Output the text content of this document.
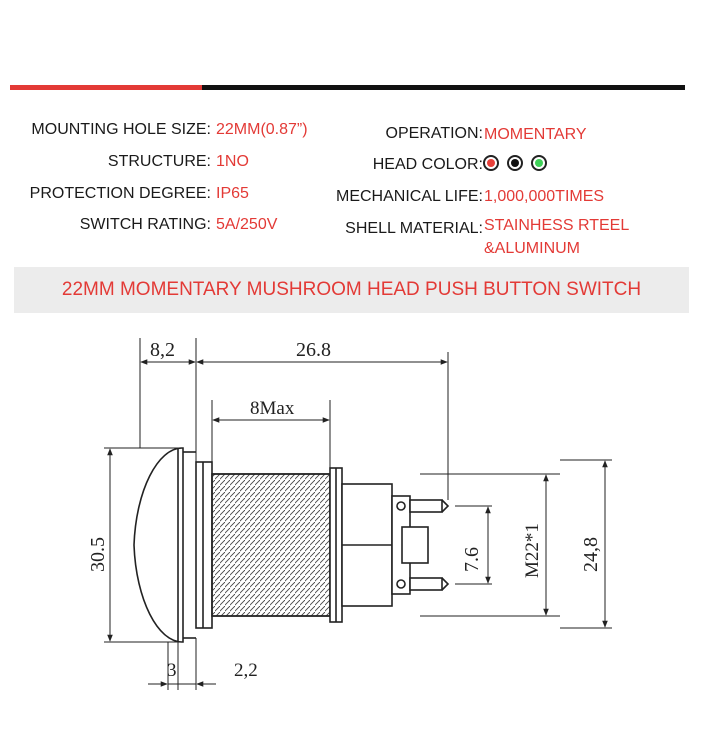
MOUNTING HOLE SIZE: 22MM(0.87”)
STRUCTURE: 1NO
PROTECTION DEGREE: IP65
SWITCH RATING: 5A/250V
OPERATION: MOMENTARY
HEAD COLOR:
MECHANICAL LIFE: 1,000,000TIMES
SHELL MATERIAL: STAINHESS RTEEL
&ALUMINUM
22MM MOMENTARY MUSHROOM HEAD PUSH BUTTON SWITCH
8,2	26.8
8Max
30.5	7.6 M22*1 24,8
3	2,2
